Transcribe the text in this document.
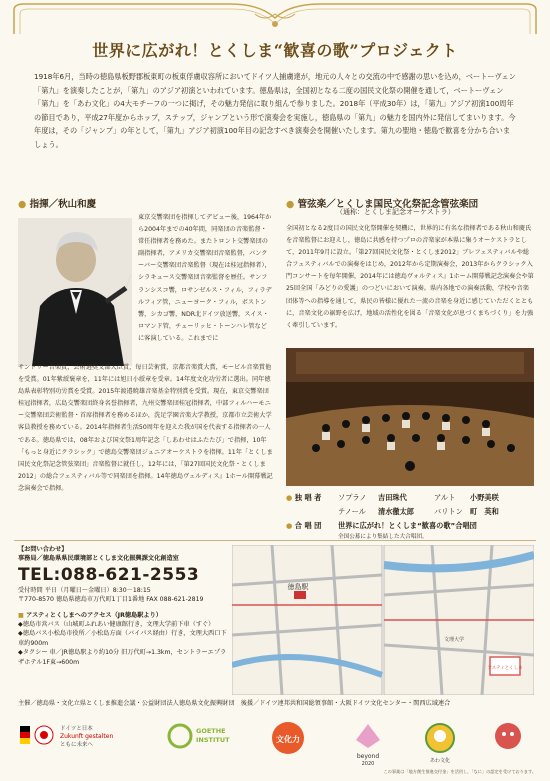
世界に広がれ！とくしま“歓喜の歌”プロジェクト
1918年6月，当時の徳島県板野郡板東町の板東俘虜収容所においてドイツ人捕虜達が，地元の人々との交流の中で感謝の思いを込め，ベートーヴェン「第九」を演奏したことが，「第九」のアジア初演といわれています。徳島県は，全国初となる二度の国民文化祭の開催を通して，ベートーヴェン「第九」を「あわ文化」の4大モチーフの一つに掲げ，その魅力発信に取り組んで参りました。2018年（平成30年）は，「第九」アジア初演100周年の節目であり，平成27年度からホップ，ステップ，ジャンプという形で演奏会を実施し，徳島県の「第九」の魅力を国内外に発信してまいります。今年度は，その「ジャンプ」の年として，「第九」アジア初演100年目の記念すべき演奏会を開催いたします。第九の聖地・徳島で歓喜を分かち合いましょう。
● 指揮／秋山和慶
東京交響楽団を指揮してデビュー後，1964年から2004年までの40年間，同楽団の音楽監督・常任指揮者を務めた。またトロント交響楽団の副指揮者，アメリカ交響楽団音楽監督，バンクーバー交響楽団音楽監督（現在は桂冠指揮者），シラキュース交響楽団音楽監督を歴任。サンフランシスコ響，ロサンゼルス・フィル，フィラデルフィア管，ニューヨーク・フィル，ボストン響，シカゴ響，NDR北ドイツ放送響，スイス・ロマンド管，チューリッヒ・トーンハレ管などに客演している。これまでに
サントリー音楽賞，芸術選奨文部大臣賞，毎日芸術賞，京都音楽賞大賞，モービル音楽賞他を受賞。01年紫綬褒章を，11年には旭日小綬章を受章。14年度文化功労者に選出。同年徳島県表彰特別功労賞を受賞。2015年渡邉暁雄音楽基金特別賞を受賞。現在，東京交響楽団桂冠指揮者，広島交響楽団終身名誉指揮者，九州交響楽団桂冠指揮者，中部フィルハーモニー交響楽団芸術監督・首席指揮者を務めるほか，洗足学園音楽大学教授，京都市立芸術大学客員教授を務めている。2014年指揮者生活50周年を迎えた我が国を代表する指揮者の一人である。徳島県では，08年および国文祭1周年記念「しあわせはふたたび」で指揮，10年「もっと身近にクラシック」で徳島交響楽団ジュニアオーケストラを指揮。11年「とくしま国民文化祭記念管弦楽団」音楽監督に就任し，12年には，「第27回国民文化祭・とくしま2012」の総合フェスティバル等で同楽団を指揮。14年徳島ヴェルディス』1ホール開幕戦記念演奏会で指揮。
● 管弦楽／とくしま国民文化祭記念管弦楽団
（通称：とくしま記念オーケストラ）
全国初となる2度目の国民文化祭開催を契機に，世界的に有名な指揮者である秋山和慶氏を音楽監督にお迎えし，徳島に共感を持つプロの音楽家が本県に集うオーケストラとして，2011年9月に設立。「第27回国民文化祭・とくしま2012」ブレフェスティバルや総合フェスティバルでの演奏をはじめ，2012年から定期演奏会，2013年からクラシック入門コンサートを毎年開催，2014年には徳島ヴォルティス』1ホーム開幕戦記念演奏会や第25回全国「みどりの愛護」のつどいにおいて演奏。県内各地での演奏活動，学校や音楽団体等への指導を通して，県民の皆様に優れた一流の音楽を身近に感じていただくとともに，音楽文化の裾野を広げ，地域の活性化を図る「音楽文化が息づくまちづくり」を力強く牽引しています。
● 独 唱 者	ソプラノ	吉田珠代	アルト	小野美咲
テノール	清水徹太郎	バリトン	町　英和
● 合 唱 団	世界に広がれ！とくしま“歓喜の歌”合唱団
全国公募により集結した大合唱団。
【お問い合わせ】
事務局／徳島県県民環境部とくしま文化振興課文化創造室
TEL:088-621-2553
受付時間 平日（月曜日〜金曜日）8:30－18:15
〒770-8570 徳島県徳島市万代町1丁目1番地 FAX 088-621-2819
■ アスティとくしまへのアクセス（JR徳島駅より）
◆徳島市営バス（山城町ふれあい健康館行き，文理大学前下車（すぐ）
◆徳島バス小松島市役所／小松島方面（バイパス経由）行き，文理大西口下車約900m
◆タクシー 車／JR徳島駅より約10分 旧万代町→1.3km，セントラーエプラザホテル1F東→600m
徳島駅
アスティとくしま
文理大学
主催／徳島県・文化立県とくしま推進会議・公益財団法人徳島県文化振興財団　後援／ドイツ連邦共和国総領事館・大阪ドイツ文化センター・関西広域連合
ドイツと日本
Zukunft gestalten
ともに未来へ
GOETHE
INSTITUT	文化力
beyond
2020	あわ文化
この事業は「地方創生推進交付金」を活用し，「なに」の認定を受けております。
